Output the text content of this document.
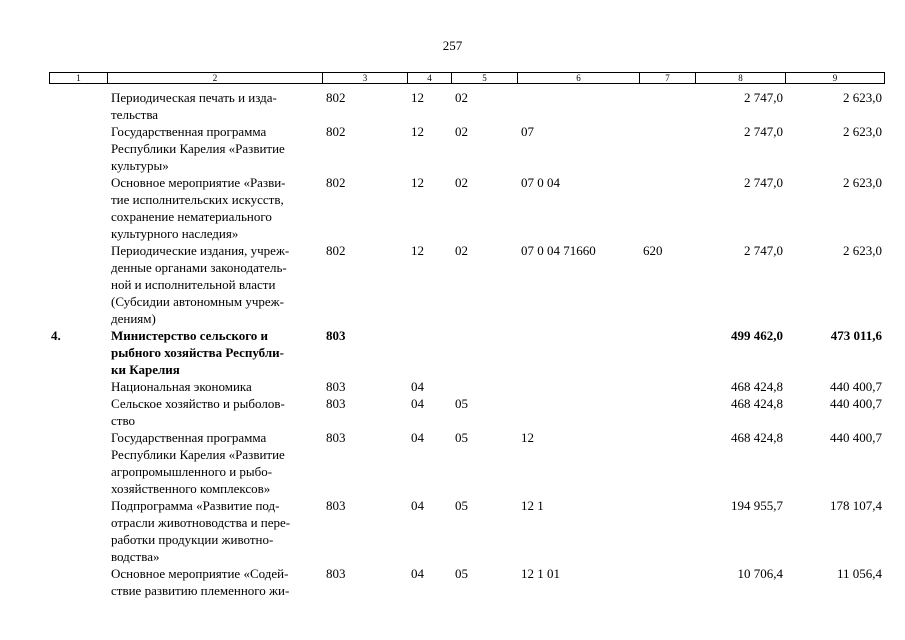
257
1	2	3	4	5	6	7	8	9
	Периодическая печать и изда-
тельства	802	12	02			2 747,0	2 623,0
	Государственная программа
Республики Карелия «Развитие
культуры»	802	12	02	07		2 747,0	2 623,0
	Основное мероприятие «Разви-
тие исполнительских искусств,
сохранение нематериального
культурного наследия»	802	12	02	07 0 04		2 747,0	2 623,0
	Периодические издания, учреж-
денные органами законодатель-
ной и исполнительной власти
(Субсидии автономным учреж-
дениям)	802	12	02	07 0 04 71660	620	2 747,0	2 623,0
4.	Министерство сельского и
рыбного хозяйства Республи-
ки Карелия	803					499 462,0	473 011,6
	Национальная экономика	803	04				468 424,8	440 400,7
	Сельское хозяйство и рыболов-
ство	803	04	05			468 424,8	440 400,7
	Государственная программа
Республики Карелия «Развитие
агропромышленного и рыбо-
хозяйственного комплексов»	803	04	05	12		468 424,8	440 400,7
	Подпрограмма «Развитие под-
отрасли животноводства и пере-
работки продукции животно-
водства»	803	04	05	12 1		194 955,7	178 107,4
	Основное мероприятие «Содей-
ствие развитию племенного жи-	803	04	05	12 1 01		10 706,4	11 056,4
